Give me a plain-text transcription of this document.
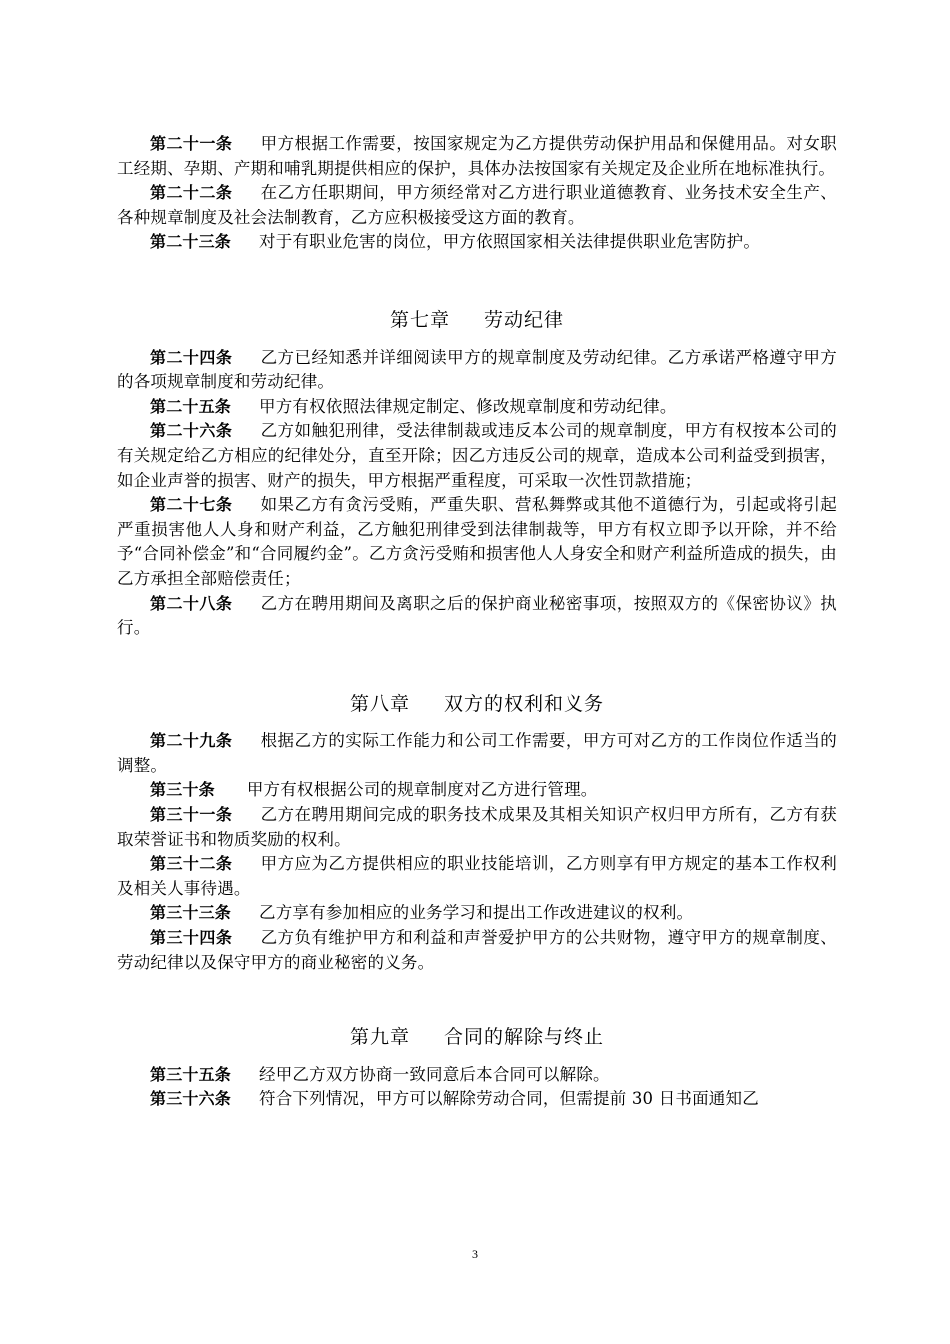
第二十一条 甲方根据工作需要，按国家规定为乙方提供劳动保护用品和保健用品。对女职工经期、孕期、产期和哺乳期提供相应的保护，具体办法按国家有关规定及企业所在地标准执行。

第二十二条 在乙方任职期间，甲方须经常对乙方进行职业道德教育、业务技术安全生产、各种规章制度及社会法制教育，乙方应积极接受这方面的教育。

第二十三条 对于有职业危害的岗位，甲方依照国家相关法律提供职业危害防护。

第七章 劳动纪律

第二十四条 乙方已经知悉并详细阅读甲方的规章制度及劳动纪律。乙方承诺严格遵守甲方的各项规章制度和劳动纪律。

第二十五条 甲方有权依照法律规定制定、修改规章制度和劳动纪律。

第二十六条 乙方如触犯刑律，受法律制裁或违反本公司的规章制度，甲方有权按本公司的有关规定给乙方相应的纪律处分，直至开除；因乙方违反公司的规章，造成本公司利益受到损害，如企业声誉的损害、财产的损失，甲方根据严重程度，可采取一次性罚款措施；

第二十七条 如果乙方有贪污受贿，严重失职、营私舞弊或其他不道德行为，引起或将引起严重损害他人人身和财产利益，乙方触犯刑律受到法律制裁等，甲方有权立即予以开除，并不给予“合同补偿金”和“合同履约金”。乙方贪污受贿和损害他人人身安全和财产利益所造成的损失，由乙方承担全部赔偿责任；

第二十八条 乙方在聘用期间及离职之后的保护商业秘密事项，按照双方的《保密协议》执行。

第八章 双方的权利和义务

第二十九条 根据乙方的实际工作能力和公司工作需要，甲方可对乙方的工作岗位作适当的调整。

第三十条 甲方有权根据公司的规章制度对乙方进行管理。

第三十一条 乙方在聘用期间完成的职务技术成果及其相关知识产权归甲方所有，乙方有获取荣誉证书和物质奖励的权利。

第三十二条 甲方应为乙方提供相应的职业技能培训，乙方则享有甲方规定的基本工作权利及相关人事待遇。

第三十三条 乙方享有参加相应的业务学习和提出工作改进建议的权利。

第三十四条 乙方负有维护甲方和利益和声誉爱护甲方的公共财物，遵守甲方的规章制度、劳动纪律以及保守甲方的商业秘密的义务。

第九章 合同的解除与终止

第三十五条 经甲乙方双方协商一致同意后本合同可以解除。

第三十六条 符合下列情况，甲方可以解除劳动合同，但需提前 30 日书面通知乙

3
